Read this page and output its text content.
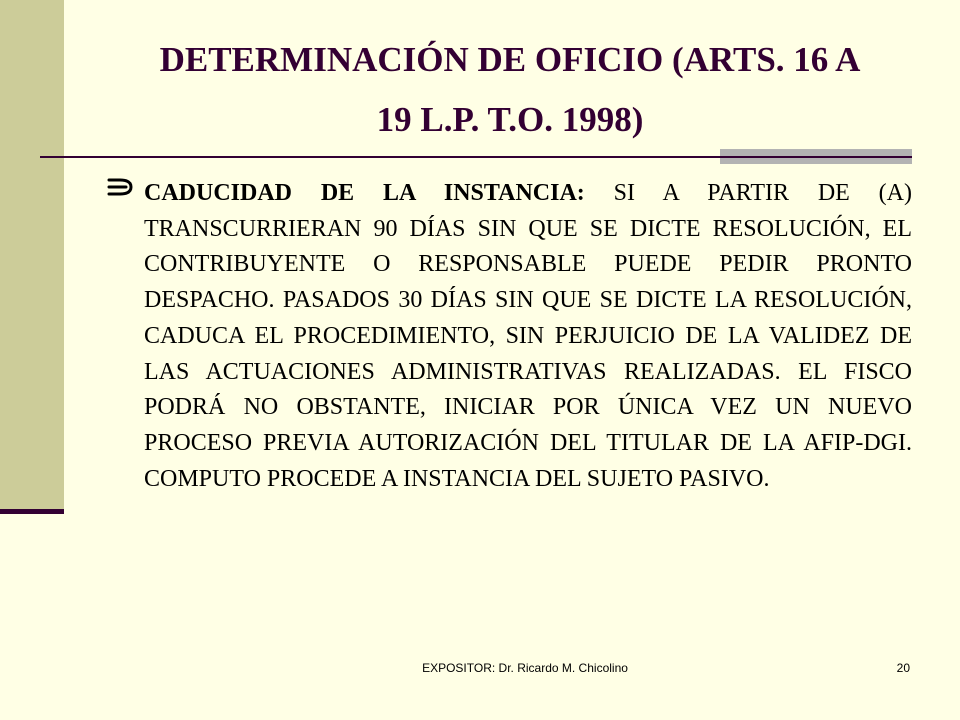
DETERMINACIÓN DE OFICIO (ARTS. 16 A
19 L.P. T.O. 1998)

CADUCIDAD DE LA INSTANCIA: SI A PARTIR DE (A) TRANSCURRIERAN 90 DÍAS SIN QUE SE DICTE RESOLUCIÓN, EL CONTRIBUYENTE O RESPONSABLE PUEDE PEDIR PRONTO DESPACHO. PASADOS 30 DÍAS SIN QUE SE DICTE LA RESOLUCIÓN, CADUCA EL PROCEDIMIENTO, SIN PERJUICIO DE LA VALIDEZ DE LAS ACTUACIONES ADMINISTRATIVAS REALIZADAS. EL FISCO PODRÁ NO OBSTANTE, INICIAR POR ÚNICA VEZ UN NUEVO PROCESO PREVIA AUTORIZACIÓN DEL TITULAR DE LA AFIP-DGI. COMPUTO PROCEDE A INSTANCIA DEL SUJETO PASIVO.

EXPOSITOR: Dr. Ricardo M. Chicolino	20
